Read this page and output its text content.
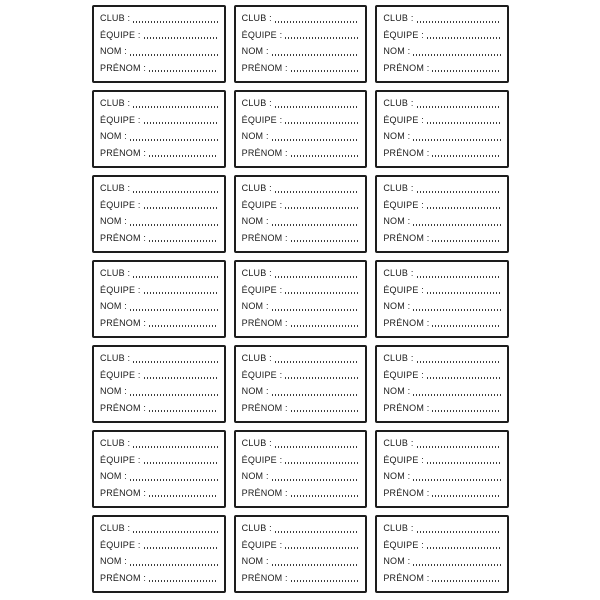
CLUB :
ÉQUIPE :
NOM :
PRÉNOM :
CLUB :
ÉQUIPE :
NOM :
PRÉNOM :
CLUB :
ÉQUIPE :
NOM :
PRÉNOM :
CLUB :
ÉQUIPE :
NOM :
PRÉNOM :
CLUB :
ÉQUIPE :
NOM :
PRÉNOM :
CLUB :
ÉQUIPE :
NOM :
PRÉNOM :
CLUB :
ÉQUIPE :
NOM :
PRÉNOM :
CLUB :
ÉQUIPE :
NOM :
PRÉNOM :
CLUB :
ÉQUIPE :
NOM :
PRÉNOM :
CLUB :
ÉQUIPE :
NOM :
PRÉNOM :
CLUB :
ÉQUIPE :
NOM :
PRÉNOM :
CLUB :
ÉQUIPE :
NOM :
PRÉNOM :
CLUB :
ÉQUIPE :
NOM :
PRÉNOM :
CLUB :
ÉQUIPE :
NOM :
PRÉNOM :
CLUB :
ÉQUIPE :
NOM :
PRÉNOM :
CLUB :
ÉQUIPE :
NOM :
PRÉNOM :
CLUB :
ÉQUIPE :
NOM :
PRÉNOM :
CLUB :
ÉQUIPE :
NOM :
PRÉNOM :
CLUB :
ÉQUIPE :
NOM :
PRÉNOM :
CLUB :
ÉQUIPE :
NOM :
PRÉNOM :
CLUB :
ÉQUIPE :
NOM :
PRÉNOM :
